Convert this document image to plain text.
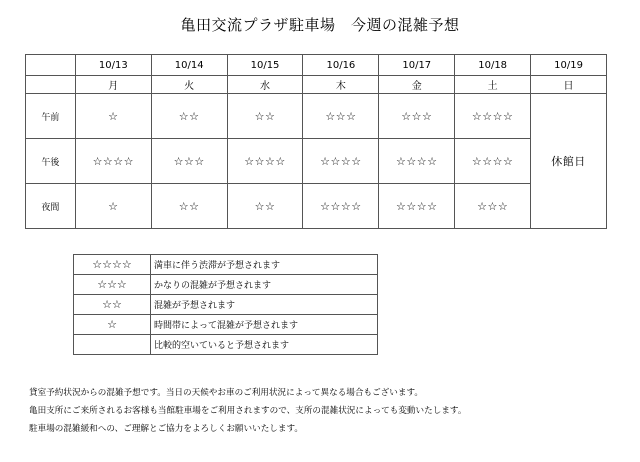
亀田交流プラザ駐車場　今週の混雑予想
	10/13	10/14	10/15	10/16	10/17	10/18	10/19
	月	火	水	木	金	土	日
午前	☆	☆☆	☆☆	☆☆☆	☆☆☆	☆☆☆☆	休館日
午後	☆☆☆☆	☆☆☆	☆☆☆☆	☆☆☆☆	☆☆☆☆	☆☆☆☆	
夜間	☆	☆☆	☆☆	☆☆☆☆	☆☆☆☆	☆☆☆	
☆☆☆☆	満車に伴う渋滞が予想されます
☆☆☆	かなりの混雑が予想されます
☆☆	混雑が予想されます
☆	時間帯によって混雑が予想されます
	比較的空いていると予想されます
貸室予約状況からの混雑予想です。当日の天候やお車のご利用状況によって異なる場合もございます。
亀田支所にご来所されるお客様も当館駐車場をご利用されますので、支所の混雑状況によっても変動いたします。
駐車場の混雑緩和への、ご理解とご協力をよろしくお願いいたします。
